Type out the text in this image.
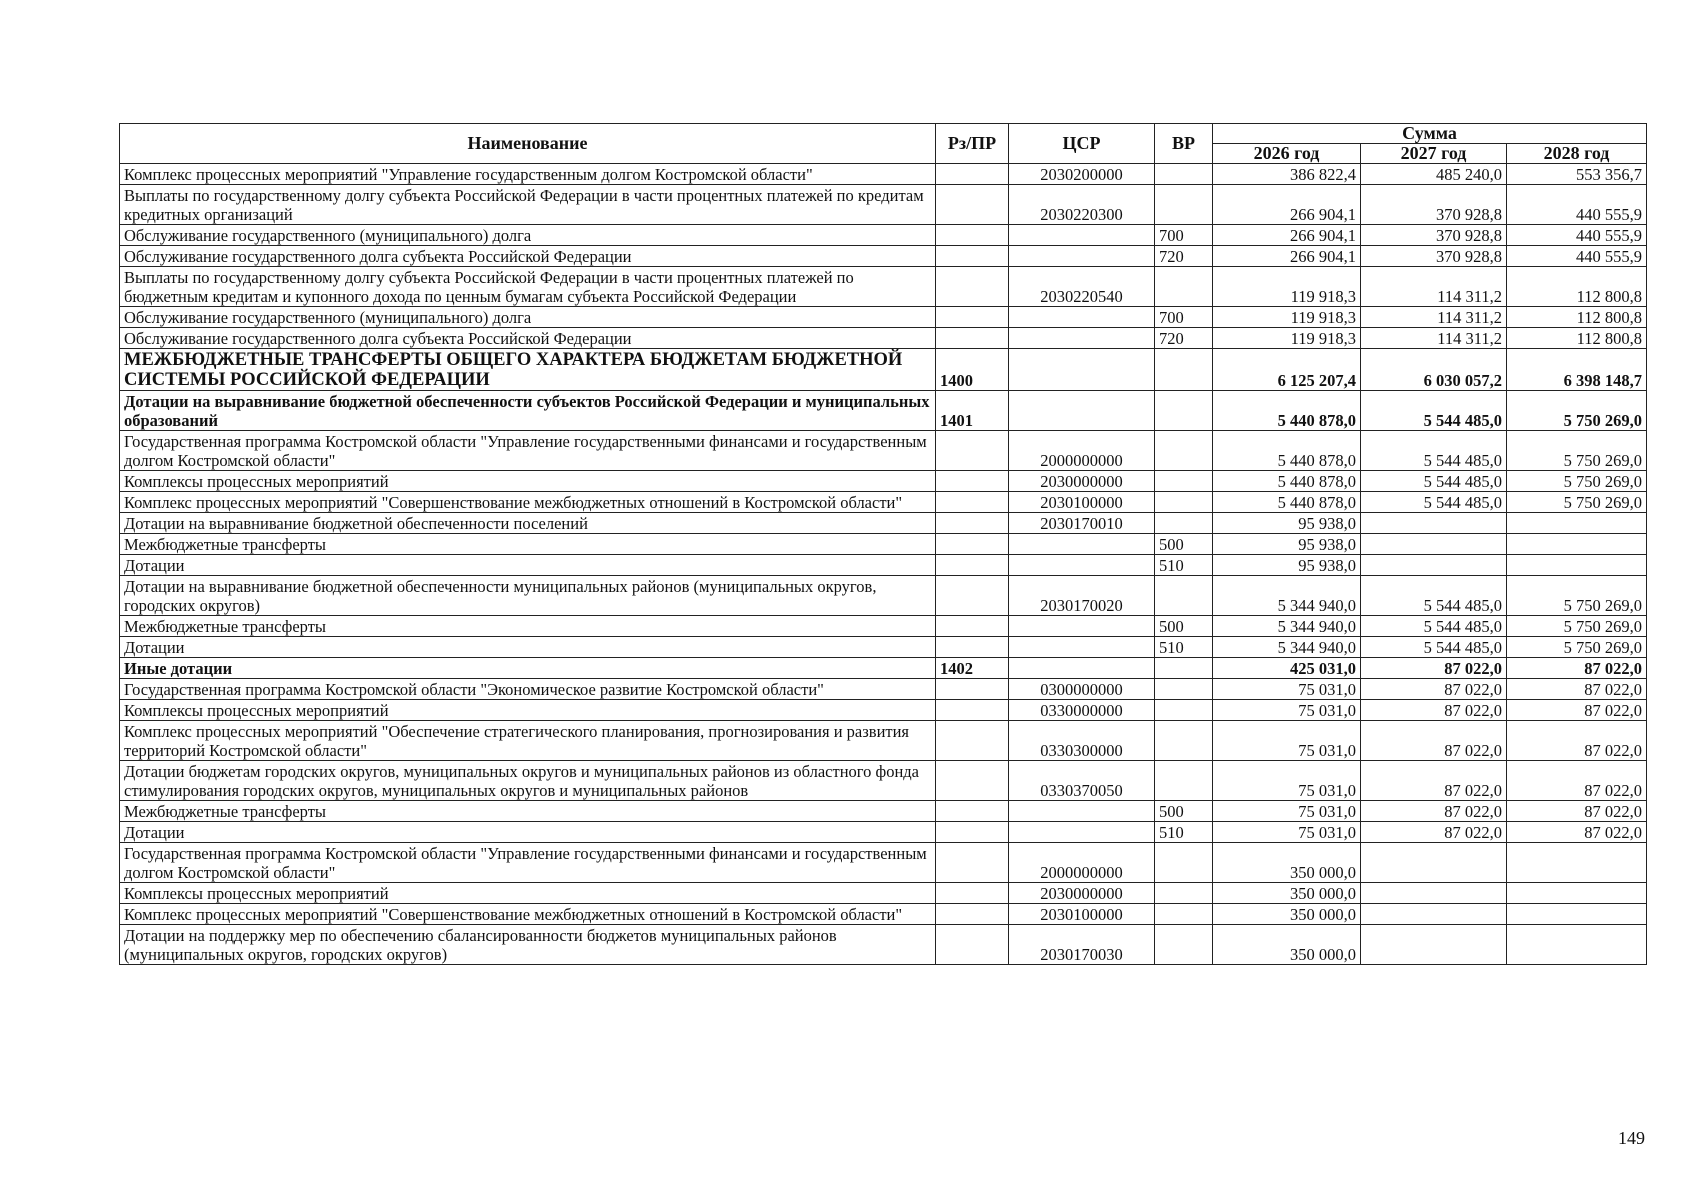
Наименование	Рз/ПР	ЦСР	ВР	Сумма		
				2026 год	2027 год	2028 год
Комплекс процессных мероприятий "Управление государственным долгом Костромской области"		2030200000		386 822,4	485 240,0	553 356,7
Выплаты по государственному долгу субъекта Российской Федерации в части процентных платежей по кредитам кредитных организаций		2030220300		266 904,1	370 928,8	440 555,9
Обслуживание государственного (муниципального) долга			700	266 904,1	370 928,8	440 555,9
Обслуживание государственного долга субъекта Российской Федерации			720	266 904,1	370 928,8	440 555,9
Выплаты по государственному долгу субъекта Российской Федерации в части процентных платежей по бюджетным кредитам и купонного дохода по ценным бумагам субъекта Российской Федерации		2030220540		119 918,3	114 311,2	112 800,8
Обслуживание государственного (муниципального) долга			700	119 918,3	114 311,2	112 800,8
Обслуживание государственного долга субъекта Российской Федерации			720	119 918,3	114 311,2	112 800,8
МЕЖБЮДЖЕТНЫЕ ТРАНСФЕРТЫ ОБЩЕГО ХАРАКТЕРА БЮДЖЕТАМ БЮДЖЕТНОЙ СИСТЕМЫ РОССИЙСКОЙ ФЕДЕРАЦИИ	1400			6 125 207,4	6 030 057,2	6 398 148,7
Дотации на выравнивание бюджетной обеспеченности субъектов Российской Федерации и муниципальных образований	1401			5 440 878,0	5 544 485,0	5 750 269,0
Государственная программа Костромской области "Управление государственными финансами и государственным долгом Костромской области"		2000000000		5 440 878,0	5 544 485,0	5 750 269,0
Комплексы процессных мероприятий		2030000000		5 440 878,0	5 544 485,0	5 750 269,0
Комплекс процессных мероприятий "Совершенствование межбюджетных отношений в Костромской области"		2030100000		5 440 878,0	5 544 485,0	5 750 269,0
Дотации на выравнивание бюджетной обеспеченности поселений		2030170010		95 938,0		
Межбюджетные трансферты			500	95 938,0		
Дотации			510	95 938,0		
Дотации на выравнивание бюджетной обеспеченности муниципальных районов (муниципальных округов, городских округов)		2030170020		5 344 940,0	5 544 485,0	5 750 269,0
Межбюджетные трансферты			500	5 344 940,0	5 544 485,0	5 750 269,0
Дотации			510	5 344 940,0	5 544 485,0	5 750 269,0
Иные дотации	1402			425 031,0	87 022,0	87 022,0
Государственная программа Костромской области "Экономическое развитие Костромской области"		0300000000		75 031,0	87 022,0	87 022,0
Комплексы процессных мероприятий		0330000000		75 031,0	87 022,0	87 022,0
Комплекс процессных мероприятий "Обеспечение стратегического планирования, прогнозирования и развития территорий Костромской области"		0330300000		75 031,0	87 022,0	87 022,0
Дотации бюджетам городских округов, муниципальных округов и муниципальных районов из областного фонда стимулирования городских округов, муниципальных округов и муниципальных районов		0330370050		75 031,0	87 022,0	87 022,0
Межбюджетные трансферты			500	75 031,0	87 022,0	87 022,0
Дотации			510	75 031,0	87 022,0	87 022,0
Государственная программа Костромской области "Управление государственными финансами и государственным долгом Костромской области"		2000000000		350 000,0		
Комплексы процессных мероприятий		2030000000		350 000,0		
Комплекс процессных мероприятий "Совершенствование межбюджетных отношений в Костромской области"		2030100000		350 000,0		
Дотации на поддержку мер по обеспечению сбалансированности бюджетов муниципальных районов (муниципальных округов, городских округов)		2030170030		350 000,0		
149
